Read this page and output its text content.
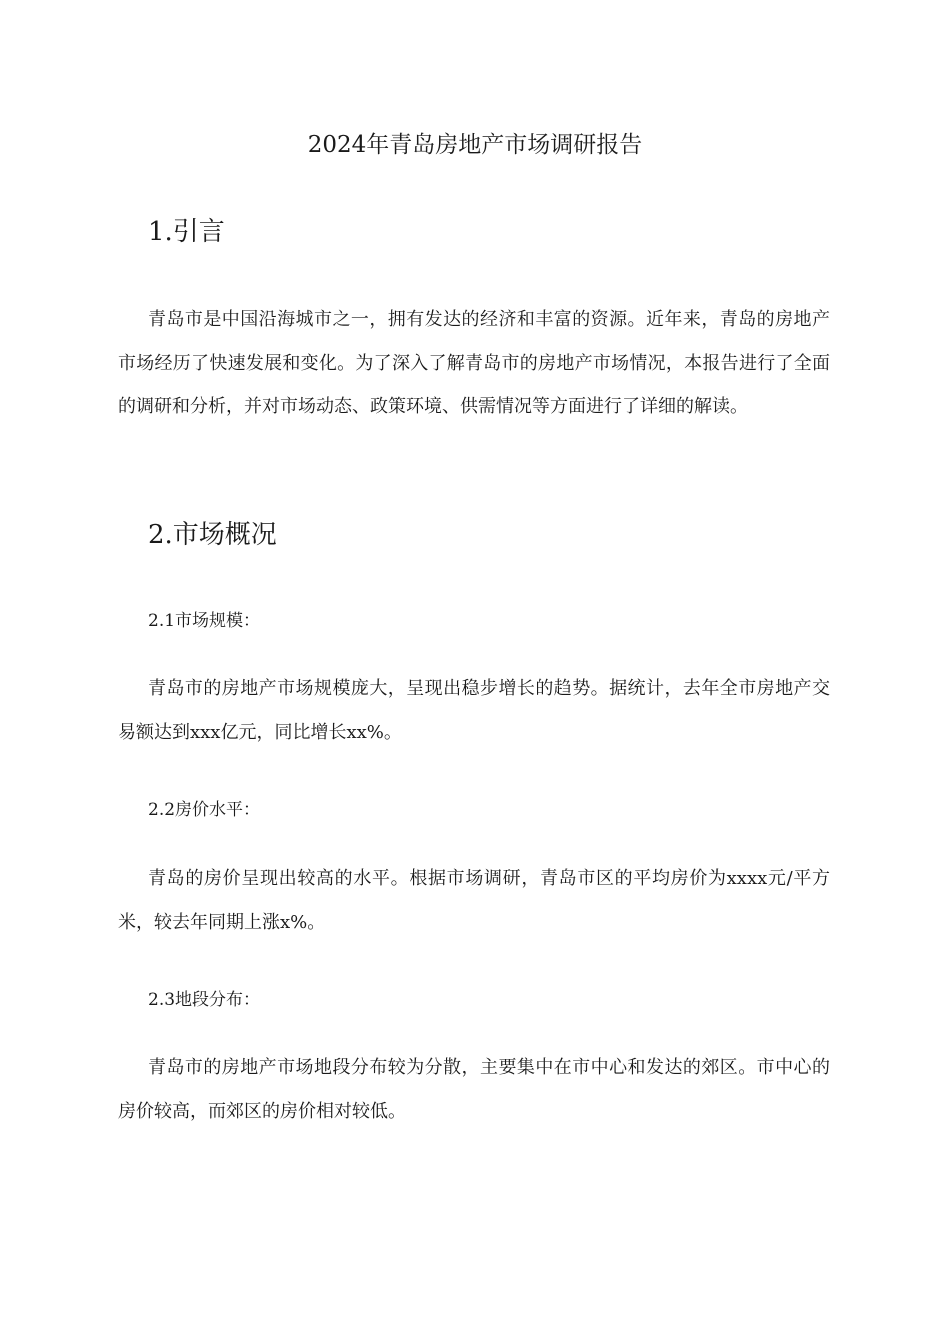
2024年青岛房地产市场调研报告
1.引言

青岛市是中国沿海城市之一，拥有发达的经济和丰富的资源。近年来，青岛的房地产市场经历了快速发展和变化。为了深入了解青岛市的房地产市场情况，本报告进行了全面的调研和分析，并对市场动态、政策环境、供需情况等方面进行了详细的解读。

2.市场概况
2.1市场规模：

青岛市的房地产市场规模庞大，呈现出稳步增长的趋势。据统计，去年全市房地产交易额达到xxx亿元，同比增长xx%。

2.2房价水平：

青岛的房价呈现出较高的水平。根据市场调研，青岛市区的平均房价为xxxx元/平方米，较去年同期上涨x%。

2.3地段分布：

青岛市的房地产市场地段分布较为分散，主要集中在市中心和发达的郊区。市中心的房价较高，而郊区的房价相对较低。
